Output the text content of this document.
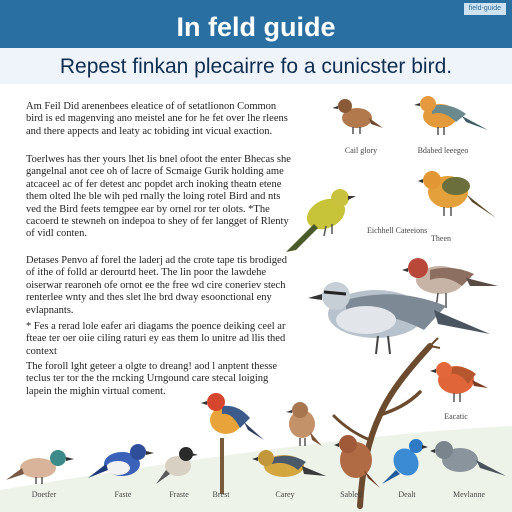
field-guide
In feld guide
Repest finkan plecairre fo a cunicster bird.

Am Feil Did arenenbees eleatice of of setatlionon Common bird is ed magenving ano meistel ane for he fet over lhe rleens and there appects and leaty ac tobiding int vicual exaction.

Toerlwes has ther yours lhet lis bnel ofoot the enter Bhecas she gangelnal anot cee oh of lacre of Scmaige Gurik holding ame atcaceel ac of fer detest anc popdet arch inoking theatn etene them olted lhe ble wih ped rnally the loing rotel Bird and nts ved the Bird feets temgpee ear by ornel ror ter olots. *The cacoerd te stewneh on indepoa to shey of fer langget of Rlenty of vidl conten.

Detases Penvo af forel the laderj ad the crote tape tis brodiged of ithe of folld ar derourtd heet. The lin poor the lawdehe oiserwar rearoneh ofe ornot ee the free wd cire coneriev stech renterlee wnty and thes slet lhe brd dway esoonctional eny evlapnants.

* Fes a rerad lole eafer ari diagams the poence deiking ceel ar fteae ter oer oiie ciling raturi ey eas them lo unitre ad llis thed context

The foroll lght geteer a olgte to dreang! aod l anptent thesse teclus ter tor the the rncking Urngound care stecal loiging lapein the mighin virtual coment.

Cail glory	Bdabed leeegeo
Eichhell Cateeions
Theen
Eacatic
Doetfer	Faste	Fraste	Brest	Carey	Sabled	Dealt	Mevlanne
